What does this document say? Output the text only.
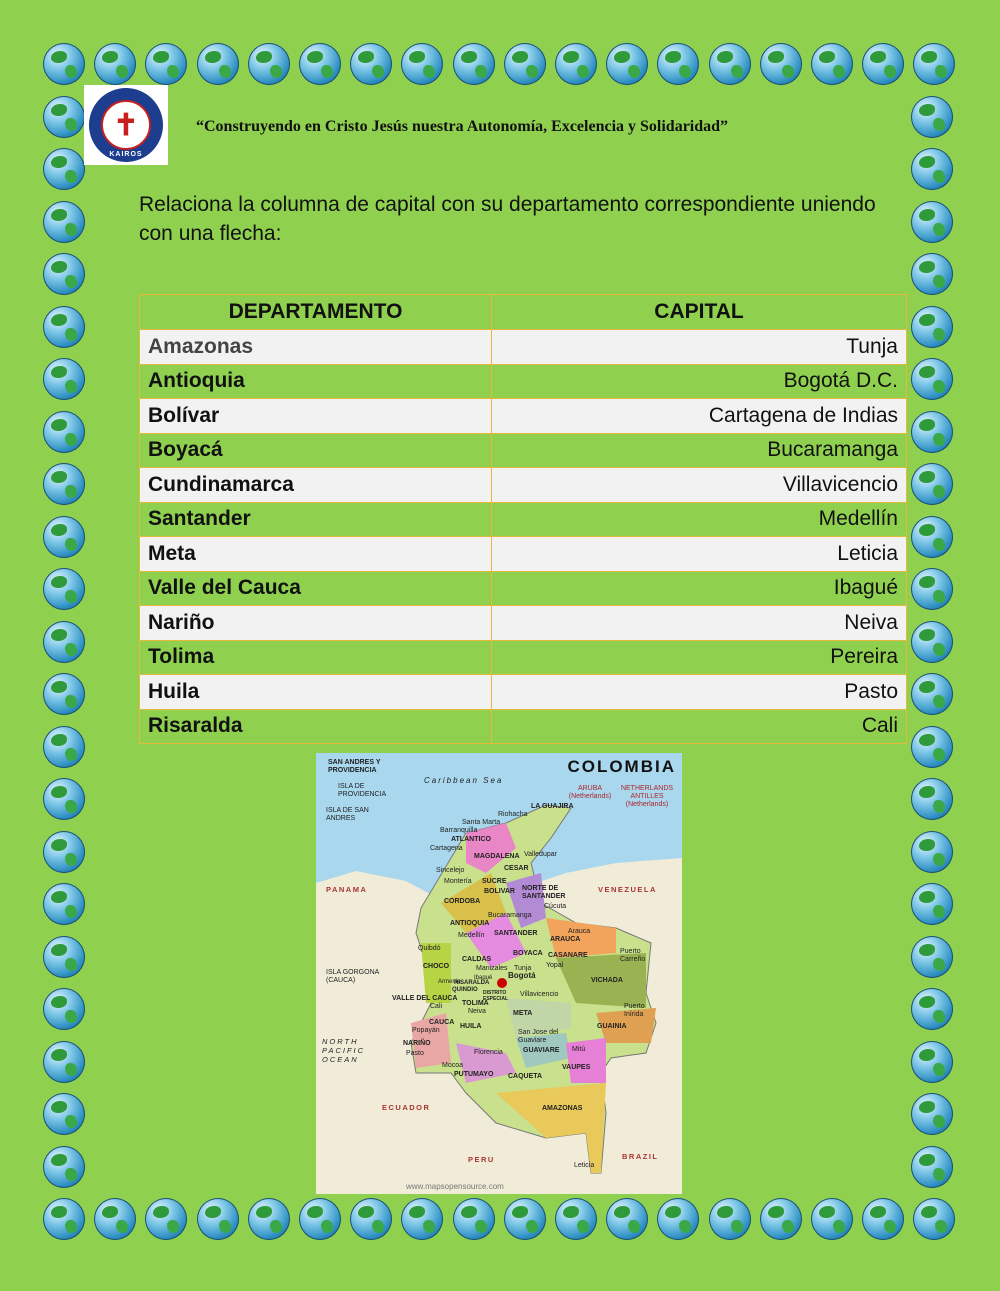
✝
KAIROS
“Construyendo en Cristo Jesús nuestra Autonomía, Excelencia y Solidaridad”
Relaciona la columna de capital con su departamento correspondiente uniendo con una flecha:
DEPARTAMENTO	CAPITAL
Amazonas	Tunja
Antioquia	Bogotá D.C.
Bolívar	Cartagena de Indias
Boyacá	Bucaramanga
Cundinamarca	Villavicencio
Santander	Medellín
Meta	Leticia
Valle del Cauca	Ibagué
Nariño	Neiva
Tolima	Pereira
Huila	Pasto
Risaralda	Cali
COLOMBIA
SAN ANDRES Y PROVIDENCIA
ISLA DE PROVIDENCIA
ISLA DE SAN ANDRES
Caribbean Sea
ARUBA (Netherlands)
NETHERLANDS ANTILLES (Netherlands)
PANAMA	VENEZUELA
ISLA GORGONA (CAUCA)
NORTH PACIFIC OCEAN
ECUADOR
PERU	BRAZIL
LA GUAJIRA
ATLANTICO
MAGDALENA
CESAR
SUCRE
BOLIVAR NORTE DE SANTANDER
CORDOBA
ANTIOQUIA
SANTANDER
ARAUCA
CHOCO
CALDAS
BOYACA CASANARE
VICHADA
QUINDIO DISTRITO ESPECIAL
VALLE DEL CAUCA
TOLIMA
META
GUAINIA
CAUCA
HUILA
GUAVIARE
NARIÑO
PUTUMAYO CAQUETA
VAUPES
AMAZONAS
RISARALDA
Riohacha
Santa Marta
Barranquilla
Cartagena
Valledupar
Sincelejo
Montería
Cúcuta
Bucaramanga
Arauca
Medellín
Quibdó
Manizales Tunja Yopal
Puerto Carreño
Bogotá
Armenia
Ibagué
Villavicencio
Cali
Neiva
Puerto Inírida
Popayán	San Jose del Guaviare
Mitú
Pasto	Florencia
Mocoa
Leticia
www.mapsopensource.com
